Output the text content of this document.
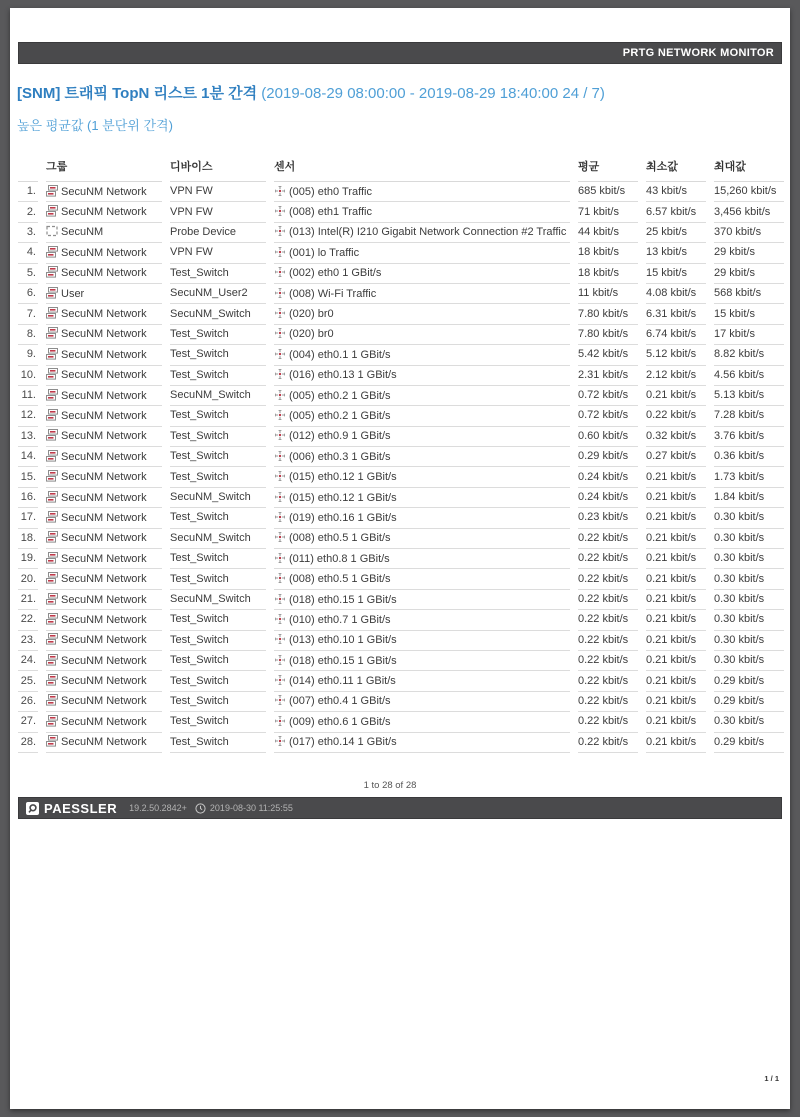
PRTG NETWORK MONITOR
[SNM] 트래픽 TopN 리스트 1분 간격 (2019-08-29 08:00:00 - 2019-08-29 18:40:00 24 / 7)
높은 평균값 (1 분단위 간격)
	그룹	디바이스	센서	평균	최소값	최대값
1.	SecuNM Network	VPN FW	(005) eth0 Traffic	685 kbit/s	43 kbit/s	15,260 kbit/s
2.	SecuNM Network	VPN FW	(008) eth1 Traffic	71 kbit/s	6.57 kbit/s	3,456 kbit/s
3.	SecuNM	Probe Device	(013) Intel(R) I210 Gigabit Network Connection #2 Traffic	44 kbit/s	25 kbit/s	370 kbit/s
4.	SecuNM Network	VPN FW	(001) lo Traffic	18 kbit/s	13 kbit/s	29 kbit/s
5.	SecuNM Network	Test_Switch	(002) eth0 1 GBit/s	18 kbit/s	15 kbit/s	29 kbit/s
6.	User	SecuNM_User2	(008) Wi-Fi Traffic	11 kbit/s	4.08 kbit/s	568 kbit/s
7.	SecuNM Network	SecuNM_Switch	(020) br0	7.80 kbit/s	6.31 kbit/s	15 kbit/s
8.	SecuNM Network	Test_Switch	(020) br0	7.80 kbit/s	6.74 kbit/s	17 kbit/s
9.	SecuNM Network	Test_Switch	(004) eth0.1 1 GBit/s	5.42 kbit/s	5.12 kbit/s	8.82 kbit/s
10.	SecuNM Network	Test_Switch	(016) eth0.13 1 GBit/s	2.31 kbit/s	2.12 kbit/s	4.56 kbit/s
11.	SecuNM Network	SecuNM_Switch	(005) eth0.2 1 GBit/s	0.72 kbit/s	0.21 kbit/s	5.13 kbit/s
12.	SecuNM Network	Test_Switch	(005) eth0.2 1 GBit/s	0.72 kbit/s	0.22 kbit/s	7.28 kbit/s
13.	SecuNM Network	Test_Switch	(012) eth0.9 1 GBit/s	0.60 kbit/s	0.32 kbit/s	3.76 kbit/s
14.	SecuNM Network	Test_Switch	(006) eth0.3 1 GBit/s	0.29 kbit/s	0.27 kbit/s	0.36 kbit/s
15.	SecuNM Network	Test_Switch	(015) eth0.12 1 GBit/s	0.24 kbit/s	0.21 kbit/s	1.73 kbit/s
16.	SecuNM Network	SecuNM_Switch	(015) eth0.12 1 GBit/s	0.24 kbit/s	0.21 kbit/s	1.84 kbit/s
17.	SecuNM Network	Test_Switch	(019) eth0.16 1 GBit/s	0.23 kbit/s	0.21 kbit/s	0.30 kbit/s
18.	SecuNM Network	SecuNM_Switch	(008) eth0.5 1 GBit/s	0.22 kbit/s	0.21 kbit/s	0.30 kbit/s
19.	SecuNM Network	Test_Switch	(011) eth0.8 1 GBit/s	0.22 kbit/s	0.21 kbit/s	0.30 kbit/s
20.	SecuNM Network	Test_Switch	(008) eth0.5 1 GBit/s	0.22 kbit/s	0.21 kbit/s	0.30 kbit/s
21.	SecuNM Network	SecuNM_Switch	(018) eth0.15 1 GBit/s	0.22 kbit/s	0.21 kbit/s	0.30 kbit/s
22.	SecuNM Network	Test_Switch	(010) eth0.7 1 GBit/s	0.22 kbit/s	0.21 kbit/s	0.30 kbit/s
23.	SecuNM Network	Test_Switch	(013) eth0.10 1 GBit/s	0.22 kbit/s	0.21 kbit/s	0.30 kbit/s
24.	SecuNM Network	Test_Switch	(018) eth0.15 1 GBit/s	0.22 kbit/s	0.21 kbit/s	0.30 kbit/s
25.	SecuNM Network	Test_Switch	(014) eth0.11 1 GBit/s	0.22 kbit/s	0.21 kbit/s	0.29 kbit/s
26.	SecuNM Network	Test_Switch	(007) eth0.4 1 GBit/s	0.22 kbit/s	0.21 kbit/s	0.29 kbit/s
27.	SecuNM Network	Test_Switch	(009) eth0.6 1 GBit/s	0.22 kbit/s	0.21 kbit/s	0.30 kbit/s
28.	SecuNM Network	Test_Switch	(017) eth0.14 1 GBit/s	0.22 kbit/s	0.21 kbit/s	0.29 kbit/s
1 to 28 of 28
PAESSLER 19.2.50.2842+	2019-08-30 11:25:55
1 / 1
